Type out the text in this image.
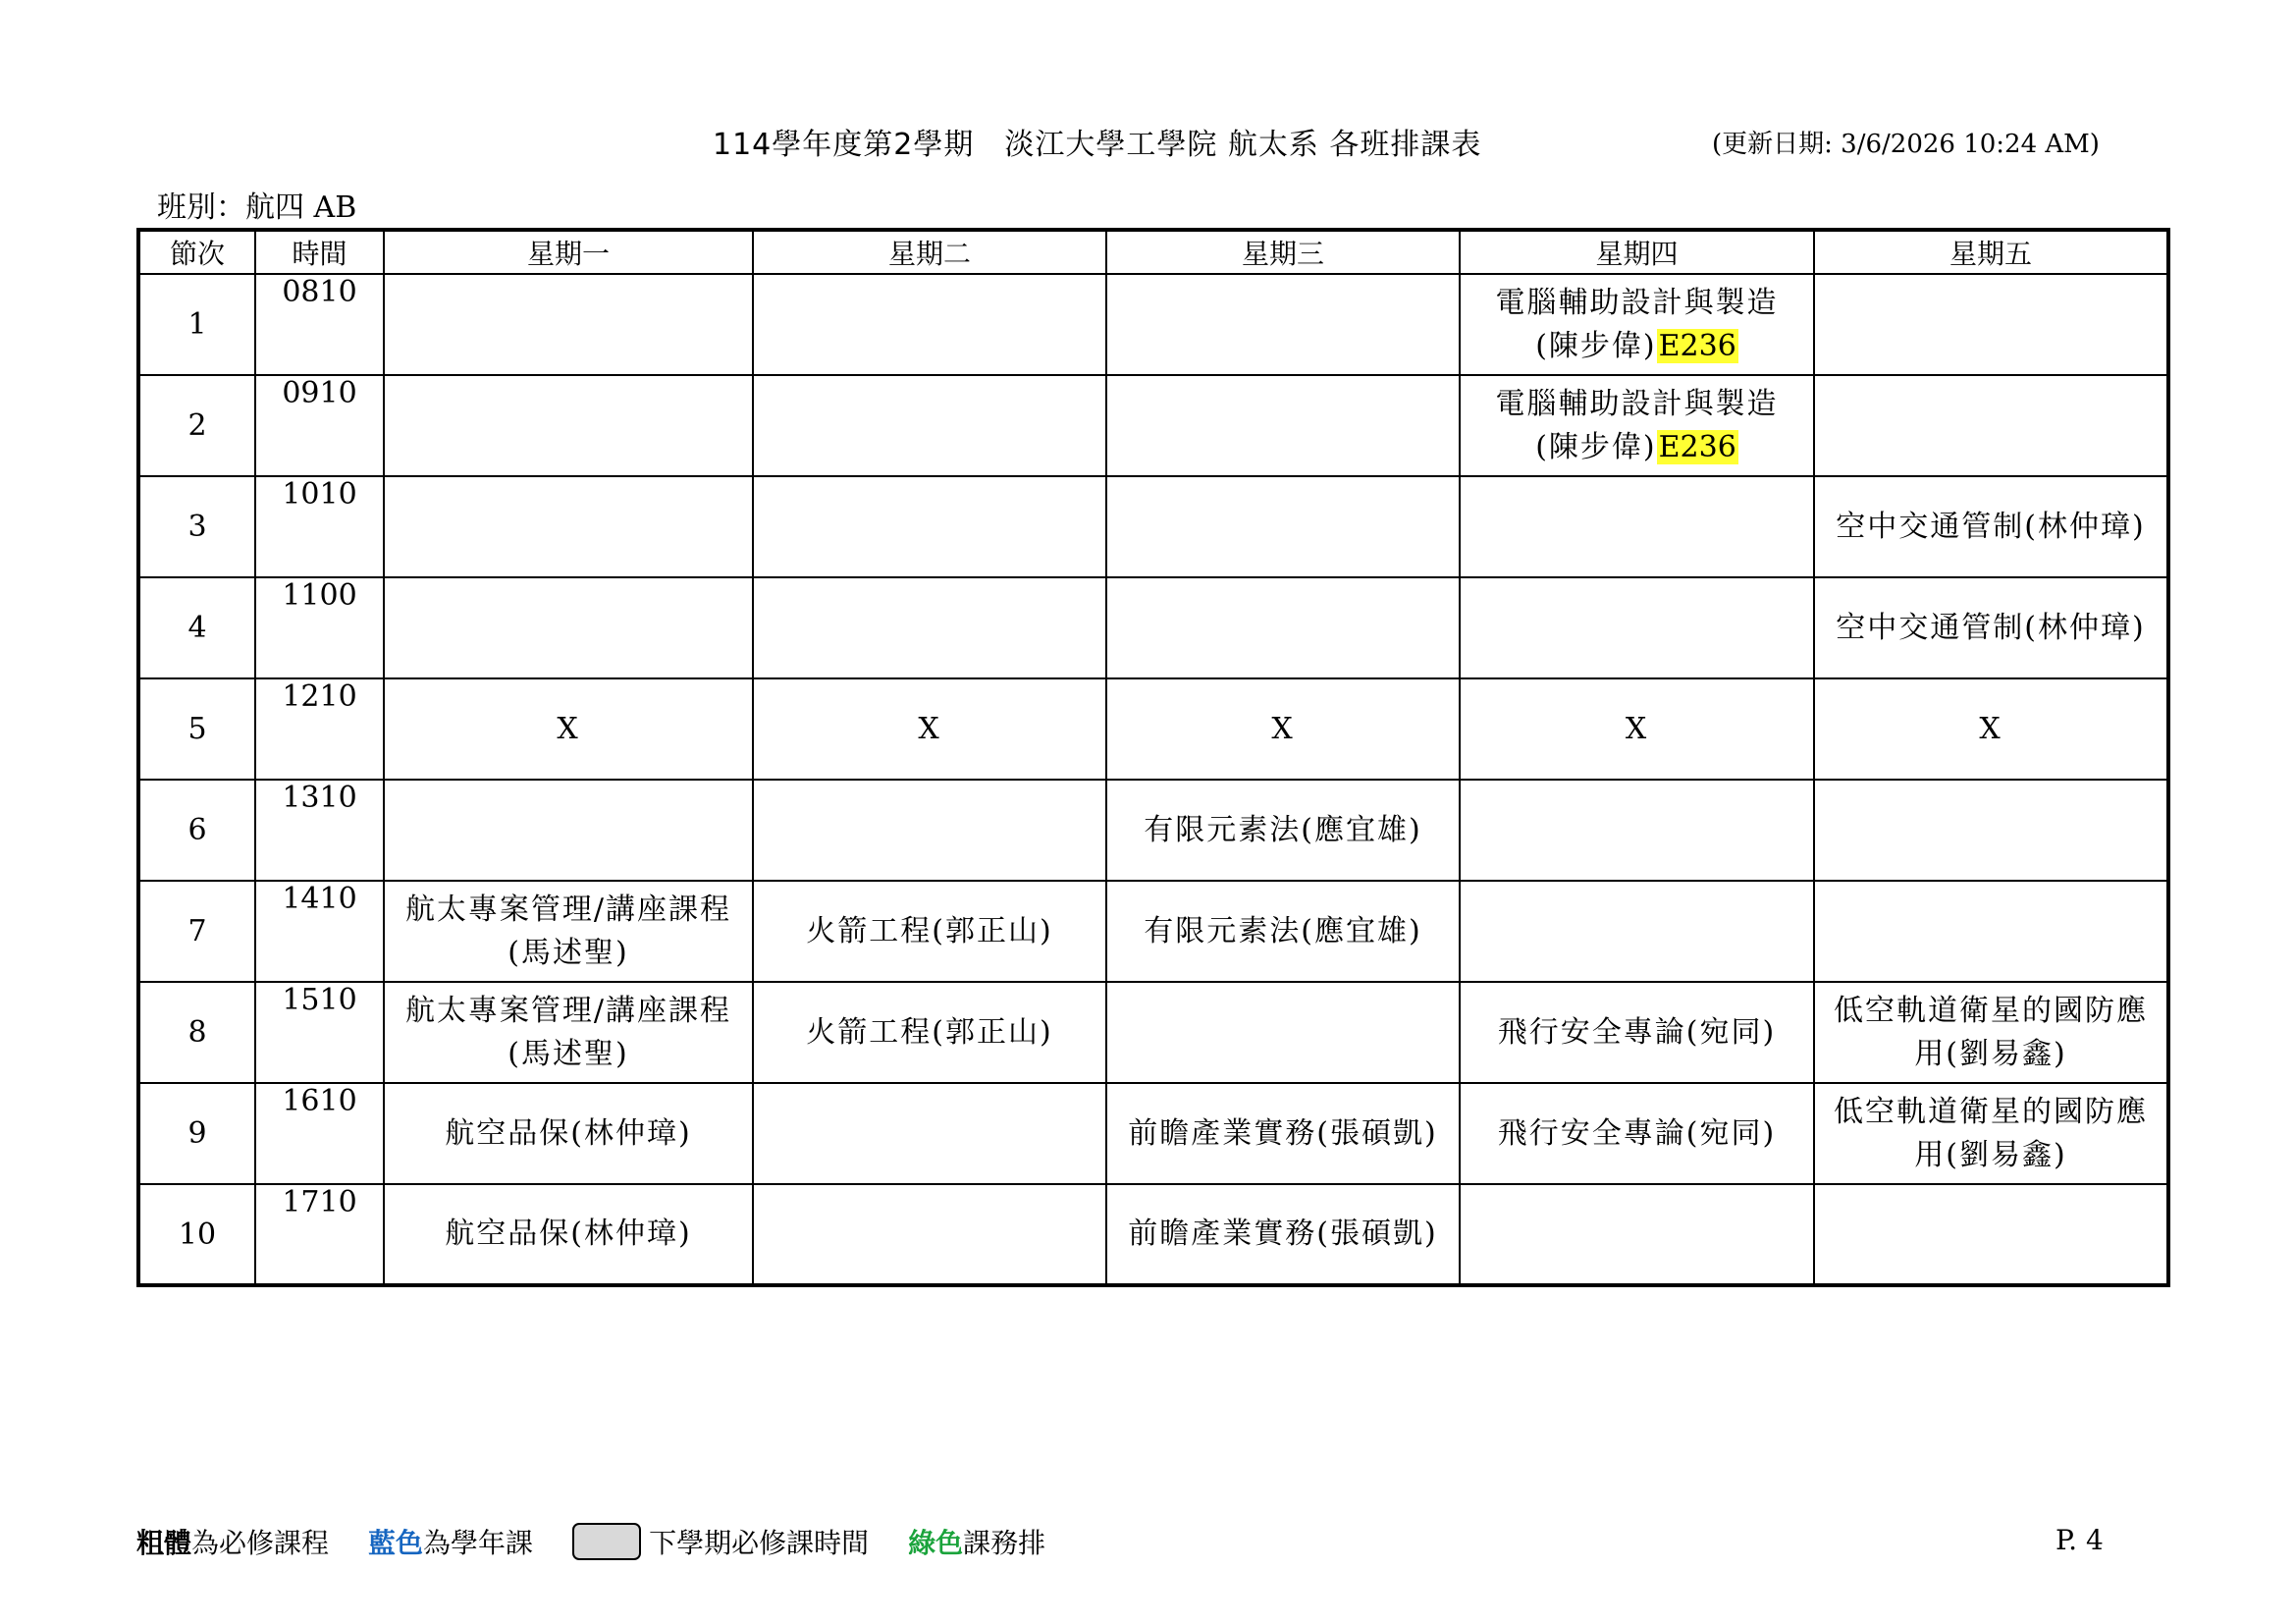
114學年度第2學期　淡江大學工學院 航太系 各班排課表	(更新日期: 3/6/2026 10:24 AM)
班別：航四 AB
節次	時間	星期一	星期二	星期三	星期四	星期五
1	0810				電腦輔助設計與製造
(陳步偉)E236	
2	0910				電腦輔助設計與製造
(陳步偉)E236	
3	1010					空中交通管制(林仲璋)
4	1100					空中交通管制(林仲璋)
5	1210	X	X	X	X	X
6	1310			有限元素法(應宜雄)		
7	1410	航太專案管理/講座課程
(馬述聖)	火箭工程(郭正山)	有限元素法(應宜雄)		
8	1510	航太專案管理/講座課程
(馬述聖)	火箭工程(郭正山)		飛行安全專論(宛同)	低空軌道衛星的國防應
用(劉易鑫)
9	1610	航空品保(林仲璋)		前瞻產業實務(張碩凱)	飛行安全專論(宛同)	低空軌道衛星的國防應
用(劉易鑫)
10	1710	航空品保(林仲璋)		前瞻產業實務(張碩凱)		
粗體 為必修課程 藍色 為學年課	下學期必修課時間 綠色 課務排	P. 4
